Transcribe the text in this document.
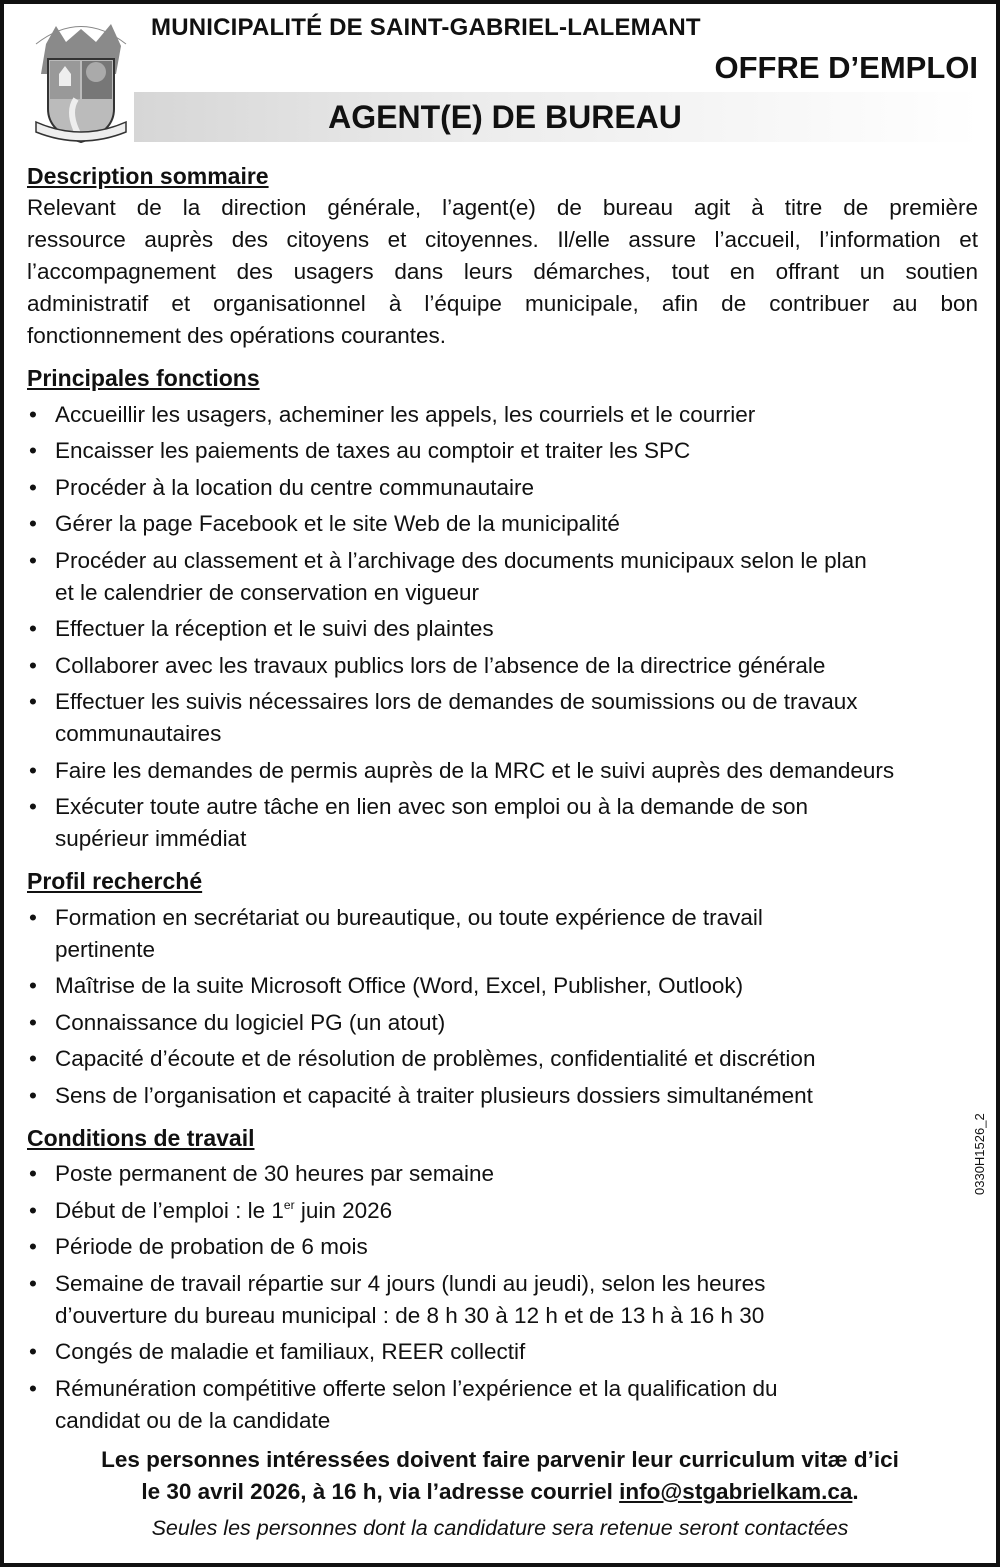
MUNICIPALITÉ DE SAINT-GABRIEL-LALEMANT
OFFRE D’EMPLOI
AGENT(E) DE BUREAU
Description sommaire
Relevant de la direction générale, l’agent(e) de bureau agit à titre de première
ressource auprès des citoyens et citoyennes. Il/elle assure l’accueil, l’information et
l’accompagnement des usagers dans leurs démarches, tout en offrant un soutien
administratif et organisationnel à l’équipe municipale, afin de contribuer au bon
fonctionnement des opérations courantes.
Principales fonctions
• Accueillir les usagers, acheminer les appels, les courriels et le courrier
• Encaisser les paiements de taxes au comptoir et traiter les SPC
• Procéder à la location du centre communautaire
• Gérer la page Facebook et le site Web de la municipalité
• Procéder au classement et à l’archivage des documents municipaux selon le plan
et le calendrier de conservation en vigueur
• Effectuer la réception et le suivi des plaintes
• Collaborer avec les travaux publics lors de l’absence de la directrice générale
• Effectuer les suivis nécessaires lors de demandes de soumissions ou de travaux
communautaires
• Faire les demandes de permis auprès de la MRC et le suivi auprès des demandeurs
• Exécuter toute autre tâche en lien avec son emploi ou à la demande de son
supérieur immédiat
Profil recherché
• Formation en secrétariat ou bureautique, ou toute expérience de travail
pertinente
• Maîtrise de la suite Microsoft Office (Word, Excel, Publisher, Outlook)
• Connaissance du logiciel PG (un atout)
• Capacité d’écoute et de résolution de problèmes, confidentialité et discrétion
• Sens de l’organisation et capacité à traiter plusieurs dossiers simultanément
Conditions de travail
• Poste permanent de 30 heures par semaine
• Début de l’emploi : le 1er juin 2026
• Période de probation de 6 mois
• Semaine de travail répartie sur 4 jours (lundi au jeudi), selon les heures
d’ouverture du bureau municipal : de 8 h 30 à 12 h et de 13 h à 16 h 30
• Congés de maladie et familiaux, REER collectif
• Rémunération compétitive offerte selon l’expérience et la qualification du
candidat ou de la candidate
Les personnes intéressées doivent faire parvenir leur curriculum vitæ d’ici
le 30 avril 2026, à 16 h, via l’adresse courriel info@stgabrielkam.ca.
Seules les personnes dont la candidature sera retenue seront contactées
0330H1526_2
